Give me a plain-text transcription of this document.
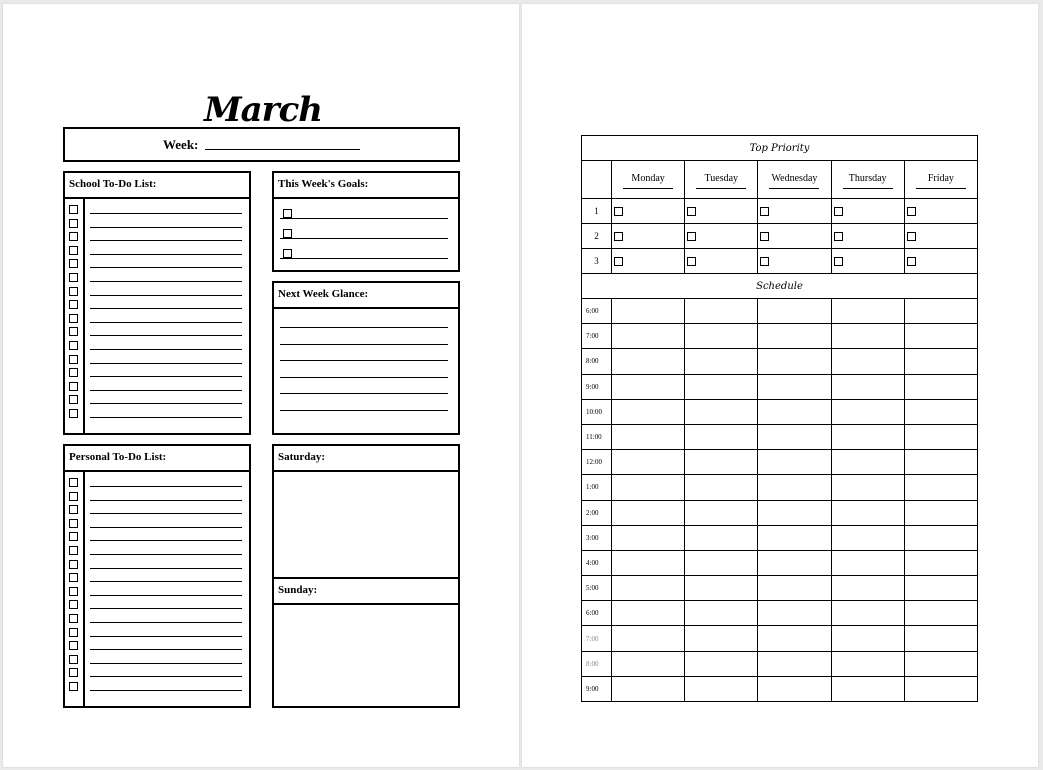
March
Week:
School To-Do List:	This Week's Goals:
Next Week Glance:
Personal To-Do List:	Saturday:
Sunday:
Top Priority					

	Monday	Tuesday	Wednesday	Thursday	Friday

1					
2					
3					
Schedule					
6:00					
7:00					
8:00					
9:00					
10:00					
11:00					
12:00					
1:00					
2:00					
3:00					
4:00					
5:00					
6:00					
7:00					
8:00					
9:00					
